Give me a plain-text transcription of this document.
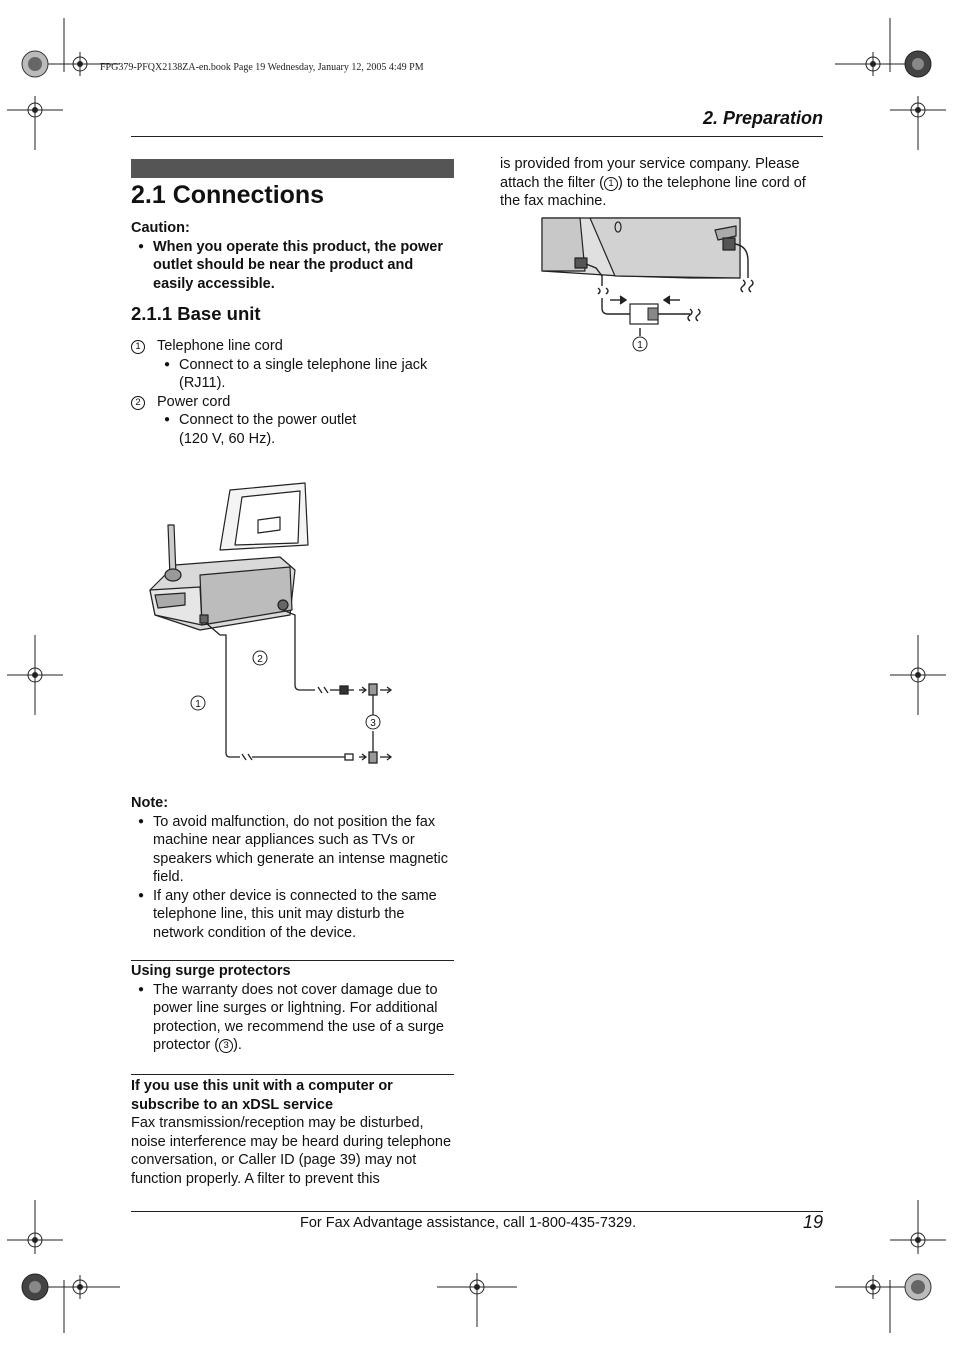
FPG379-PFQX2138ZA-en.book Page 19 Wednesday, January 12, 2005 4:49 PM
2. Preparation
2.1 Connections
Caution:
● When you operate this product, the power outlet should be near the product and easily accessible.
2.1.1 Base unit
1	Telephone line cord
● Connect to a single telephone line jack
(RJ11).
2	Power cord
● Connect to the power outlet
(120 V, 60 Hz).
2
1
3
Note:
● To avoid malfunction, do not position the fax machine near appliances such as TVs or speakers which generate an intense magnetic field.
● If any other device is connected to the same telephone line, this unit may disturb the network condition of the device.
Using surge protectors
● The warranty does not cover damage due to power line surges or lightning. For additional protection, we recommend the use of a surge protector ( 3 ).
If you use this unit with a computer or subscribe to an xDSL service
Fax transmission/reception may be disturbed, noise interference may be heard during telephone conversation, or Caller ID (page 39) may not function properly. A filter to prevent this
is provided from your service company. Please attach the filter ( 1 ) to the telephone line cord of the fax machine.
1
For Fax Advantage assistance, call 1-800-435-7329.	19
